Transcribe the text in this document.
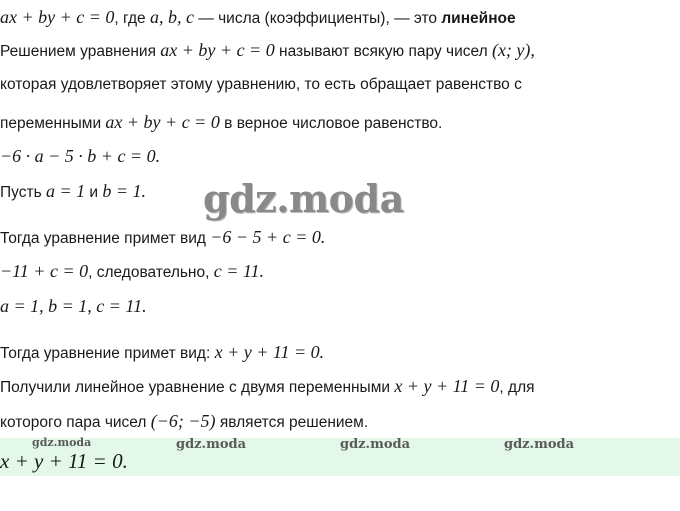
ax + by + c = 0, где a, b, c — числа (коэффициенты), — это линейное
Решением уравнения ax + by + c = 0 называют всякую пару чисел (x; y),
которая удовлетворяет этому уравнению, то есть обращает равенство с
переменными ax + by + c = 0 в верное числовое равенство.
−6 · a − 5 · b + c = 0.
Пусть a = 1 и b = 1. gdz.moda
Тогда уравнение примет вид −6 − 5 + c = 0.
−11 + c = 0, следовательно, c = 11.
a = 1, b = 1, c = 11.
Тогда уравнение примет вид: x + y + 11 = 0.
Получили линейное уравнение с двумя переменными x + y + 11 = 0, для
которого пара чисел (−6; −5) является решением.
gdz.moda	gdz.moda	gdz.moda	gdz.moda
x + y + 11 = 0.
